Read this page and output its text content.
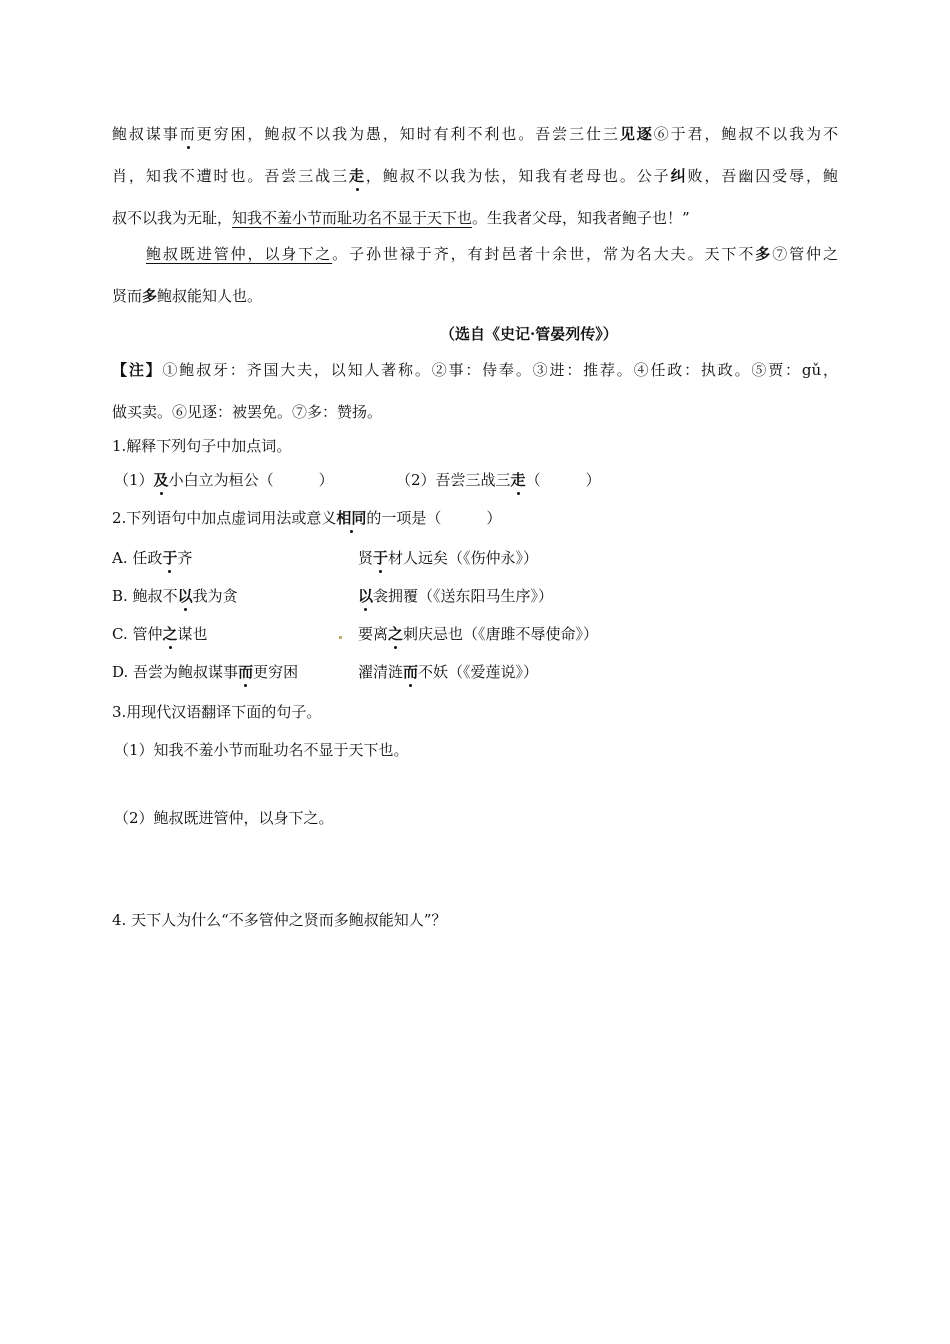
鲍叔谋事而更穷困，鲍叔不以我为愚，知时有利不利也。吾尝三仕三见逐⑥于君，鲍叔不以我为不
肖，知我不遭时也。吾尝三战三走，鲍叔不以我为怯，知我有老母也。公子纠败，吾幽囚受辱，鲍
叔不以我为无耻，知我不羞小节而耻功名不显于天下也。生我者父母，知我者鲍子也！”
鲍叔既进管仲，以身下之。子孙世禄于齐，有封邑者十余世，常为名大夫。天下不多⑦管仲之
贤而多鲍叔能知人也。
（选自《史记·管晏列传》）
【注】①鲍叔牙：齐国大夫，以知人著称。②事：侍奉。③进：推荐。④任政：执政。⑤贾：gǔ，
做买卖。⑥见逐：被罢免。⑦多：赞扬。
1.解释下列句子中加点词。
（1）及小白立为桓公（　　　）	（2）吾尝三战三走（　　　）
2.下列语句中加点虚词用法或意义相同的一项是（　　　）
A. 任政于齐	贤于材人远矣（《伤仲永》）
B. 鲍叔不以我为贪	以衾拥覆（《送东阳马生序》）
C. 管仲之谋也	要离之刺庆忌也（《唐雎不辱使命》）
D. 吾尝为鲍叔谋事而更穷困	濯清涟而不妖（《爱莲说》）
3.用现代汉语翻译下面的句子。
（1）知我不羞小节而耻功名不显于天下也。
（2）鲍叔既进管仲，以身下之。
4. 天下人为什么“不多管仲之贤而多鲍叔能知人”？
